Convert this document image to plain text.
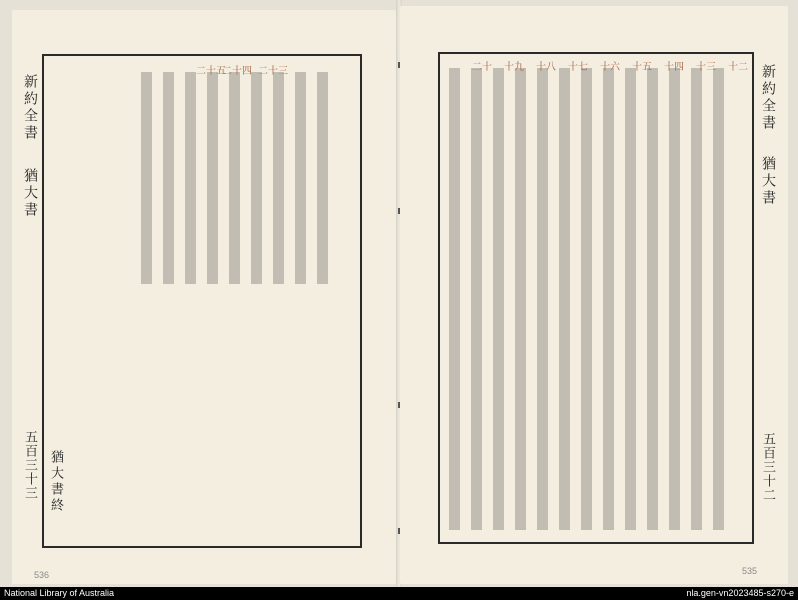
二十三
二十四
二十五
新約全書
猶大書
五百三十三 猶大書終
536
十二
十三
十四
十五
十六
十七
十八
十九
二十	新約全書
猶大書
五百三十二
535
National Library of Australia	nla.gen-vn2023485-s270-e
